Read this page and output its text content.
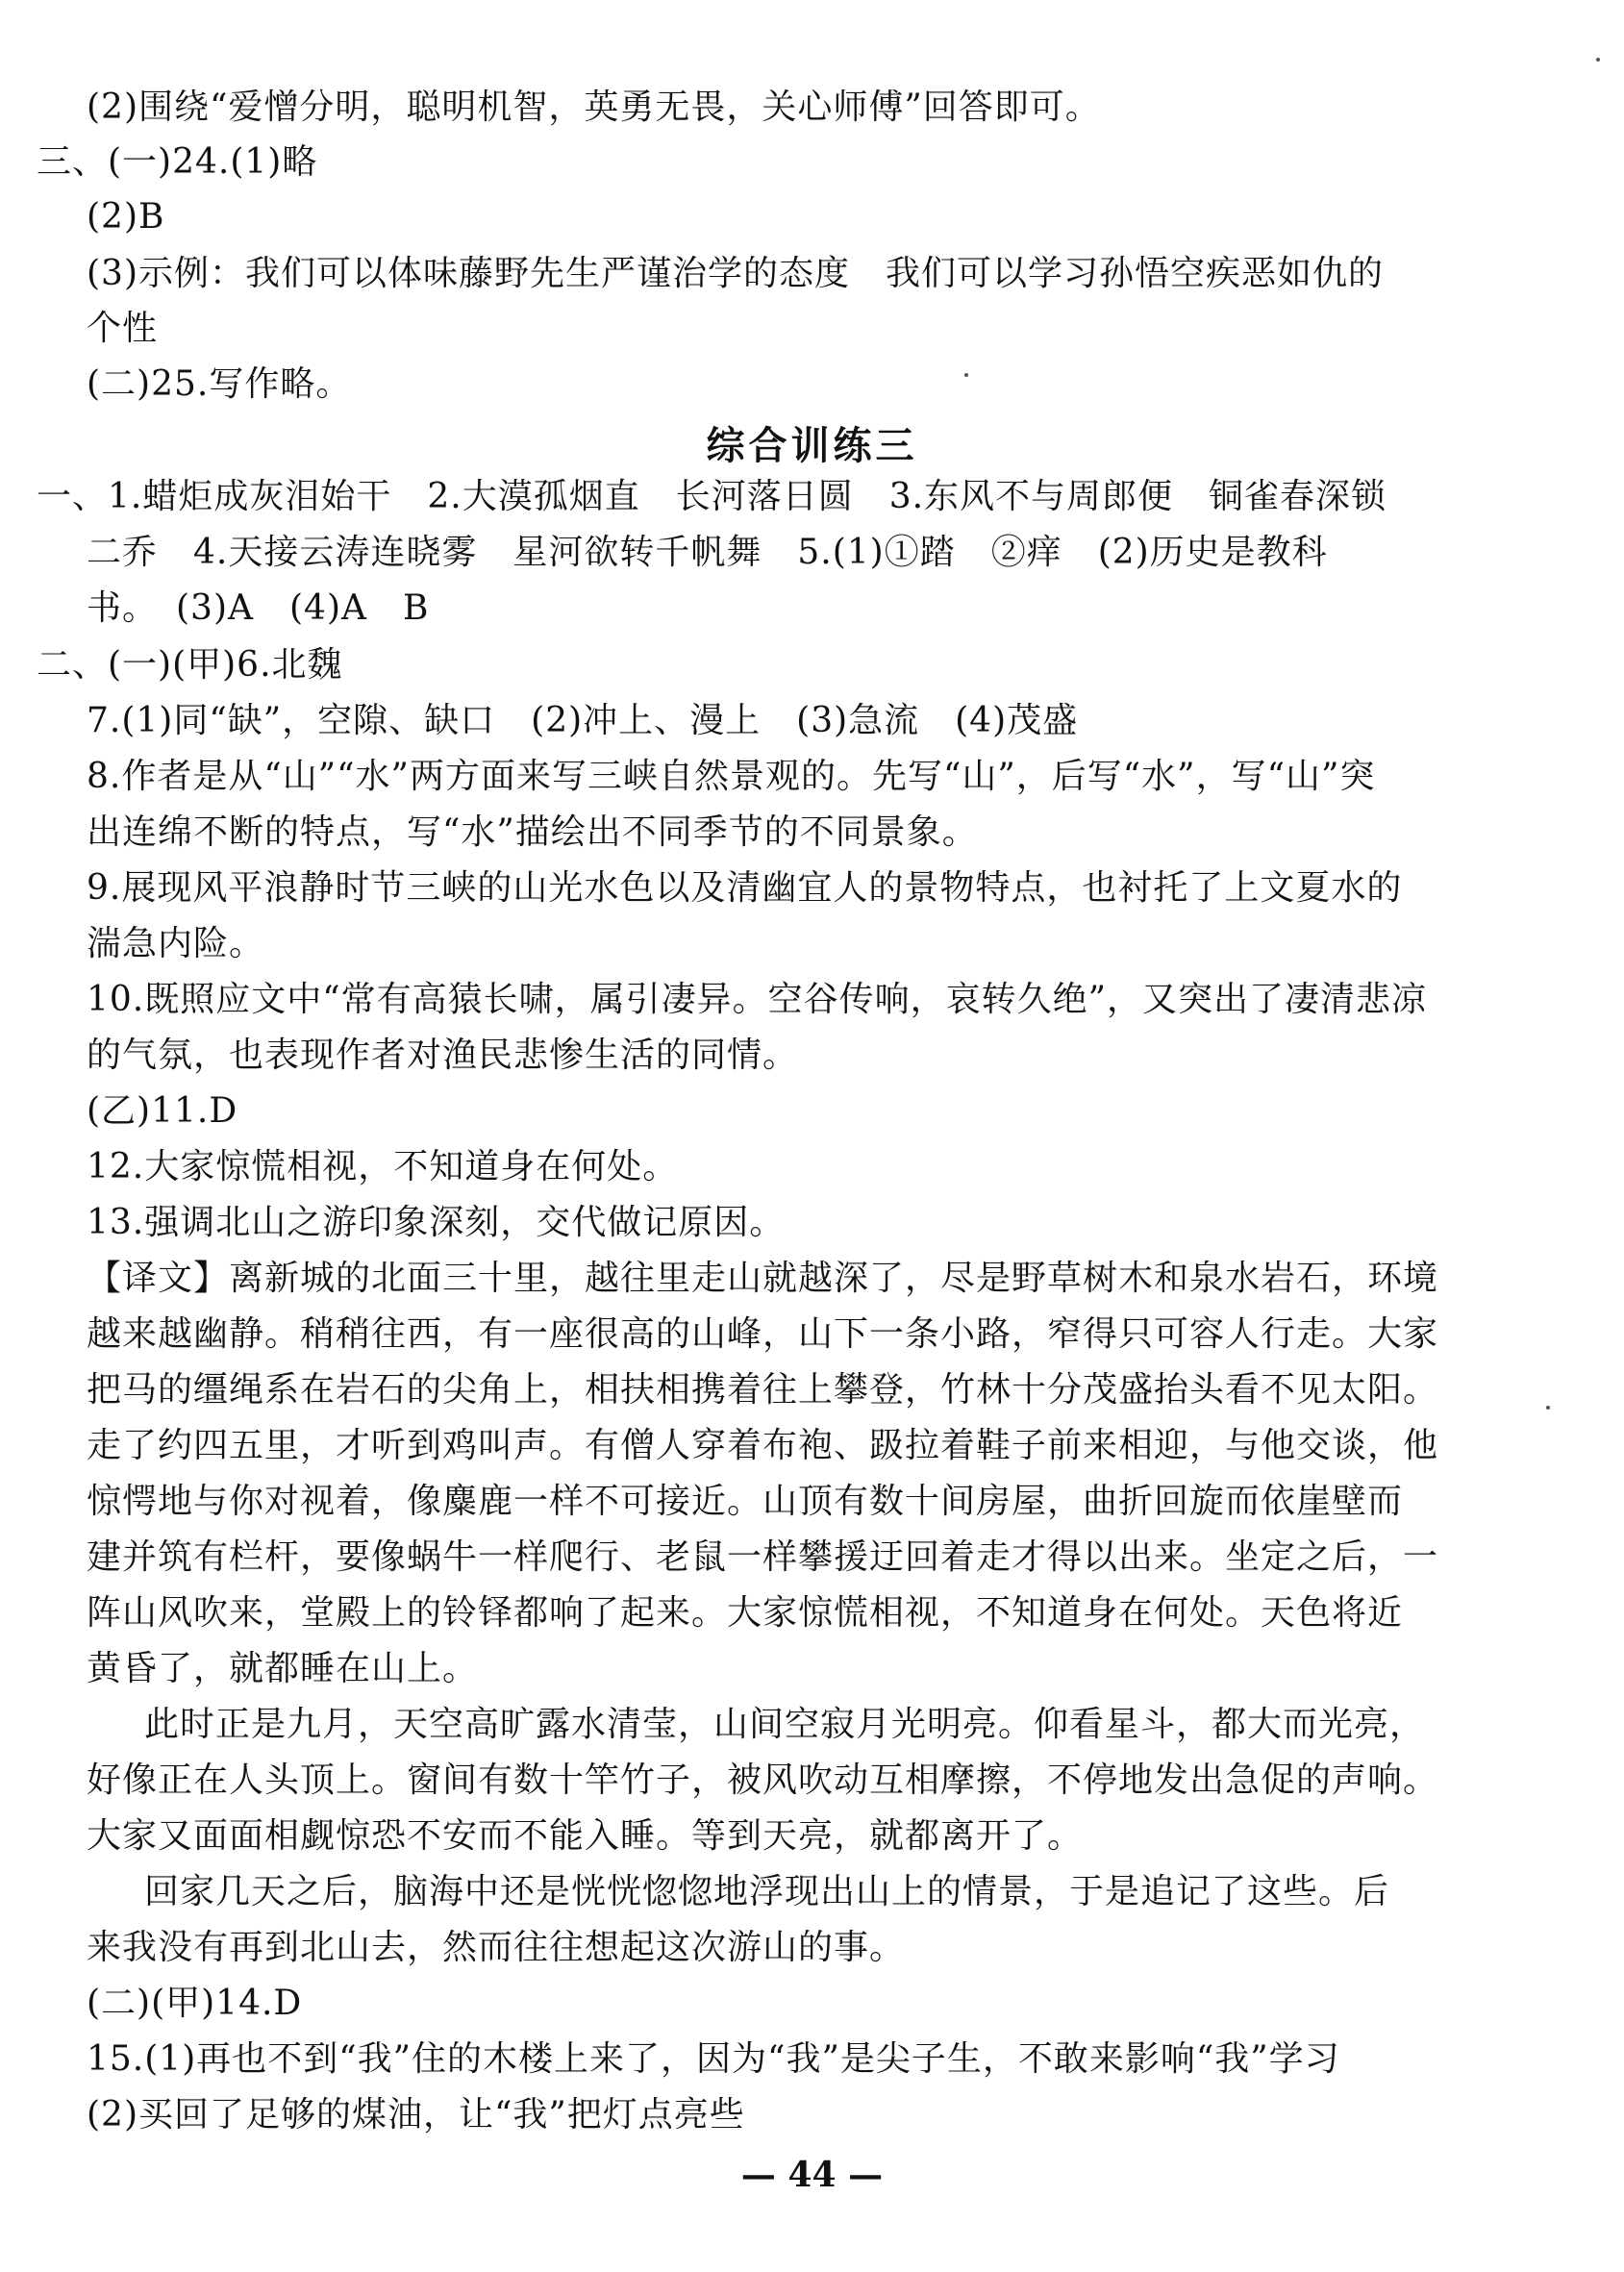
(2)围绕“爱憎分明，聪明机智，英勇无畏，关心师傅”回答即可。
三、(一)24.(1)略
(2)B
(3)示例：我们可以体味藤野先生严谨治学的态度　我们可以学习孙悟空疾恶如仇的
个性
(二)25.写作略。
综合训练三
一、1.蜡炬成灰泪始干　2.大漠孤烟直　长河落日圆　3.东风不与周郎便　铜雀春深锁
二乔　4.天接云涛连晓雾　星河欲转千帆舞　5.(1)①踏　②痒　(2)历史是教科
书。　(3)A　(4)A　B
二、(一)(甲)6.北魏
7.(1)同“缺”，空隙、缺口　(2)冲上、漫上　(3)急流　(4)茂盛
8.作者是从“山”“水”两方面来写三峡自然景观的。先写“山”，后写“水”，写“山”突
出连绵不断的特点，写“水”描绘出不同季节的不同景象。
9.展现风平浪静时节三峡的山光水色以及清幽宜人的景物特点，也衬托了上文夏水的
湍急内险。
10.既照应文中“常有高猿长啸，属引凄异。空谷传响，哀转久绝”，又突出了凄清悲凉
的气氛，也表现作者对渔民悲惨生活的同情。
(乙)11.D
12.大家惊慌相视，不知道身在何处。
13.强调北山之游印象深刻，交代做记原因。
【译文】离新城的北面三十里，越往里走山就越深了，尽是野草树木和泉水岩石，环境
越来越幽静。稍稍往西，有一座很高的山峰，山下一条小路，窄得只可容人行走。大家
把马的缰绳系在岩石的尖角上，相扶相携着往上攀登，竹林十分茂盛抬头看不见太阳。
走了约四五里，才听到鸡叫声。有僧人穿着布袍、趿拉着鞋子前来相迎，与他交谈，他
惊愕地与你对视着，像麋鹿一样不可接近。山顶有数十间房屋，曲折回旋而依崖壁而
建并筑有栏杆，要像蜗牛一样爬行、老鼠一样攀援迂回着走才得以出来。坐定之后，一
阵山风吹来，堂殿上的铃铎都响了起来。大家惊慌相视，不知道身在何处。天色将近
黄昏了，就都睡在山上。
此时正是九月，天空高旷露水清莹，山间空寂月光明亮。仰看星斗，都大而光亮，
好像正在人头顶上。窗间有数十竿竹子，被风吹动互相摩擦，不停地发出急促的声响。
大家又面面相觑惊恐不安而不能入睡。等到天亮，就都离开了。
回家几天之后，脑海中还是恍恍惚惚地浮现出山上的情景，于是追记了这些。后
来我没有再到北山去，然而往往想起这次游山的事。
(二)(甲)14.D
15.(1)再也不到“我”住的木楼上来了，因为“我”是尖子生，不敢来影响“我”学习
(2)买回了足够的煤油，让“我”把灯点亮些
— 44 —
